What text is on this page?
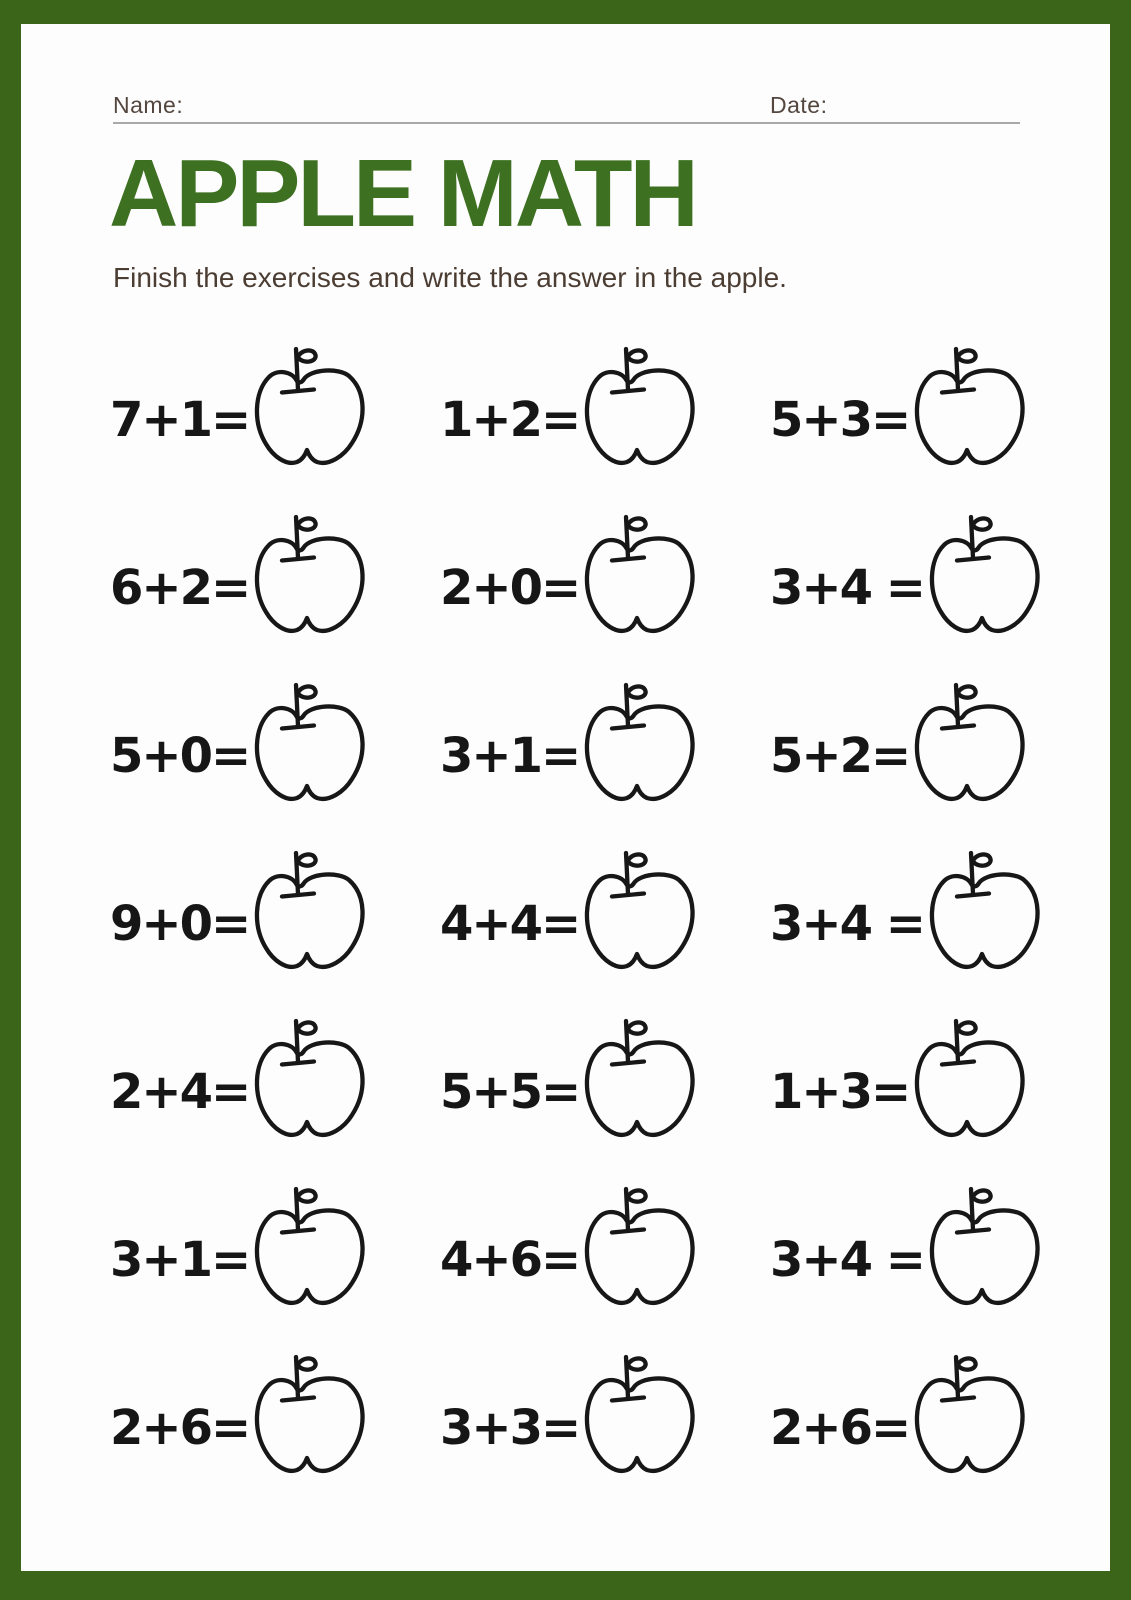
Name:	Date:
APPLE MATH

Finish the exercises and write the answer in the apple.

7+1=	1+2=	5+3=
6+2=	2+0=	3+4 =
5+0=	3+1=	5+2=
9+0=	4+4=	3+4 =
2+4=	5+5=	1+3=
3+1=	4+6=	3+4 =
2+6=	3+3=	2+6=
